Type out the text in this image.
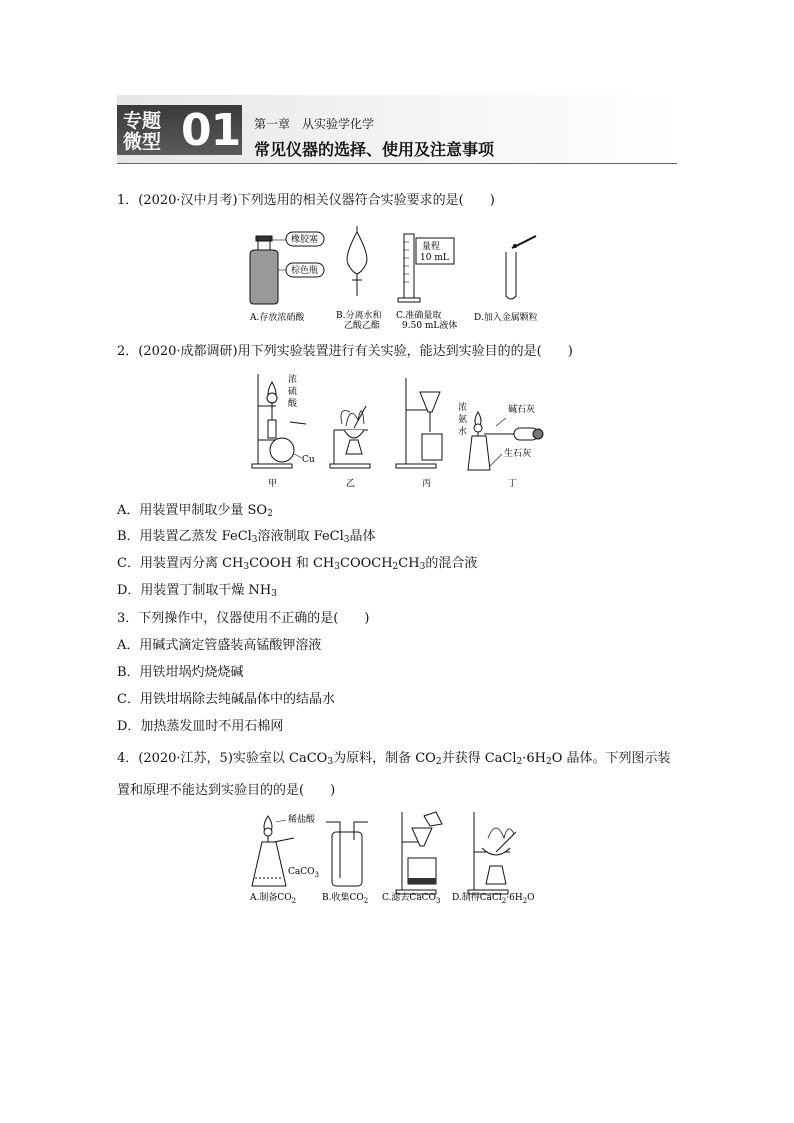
专题
微型 01 第一章　从实验学化学
常见仪器的选择、使用及注意事项
1．(2020·汉中月考)下列选用的相关仪器符合实验要求的是(　　)
橡胶塞
棕色瓶
量程
10 mL
A.存放浓硝酸	B.分离水和
乙酸乙酯
C.准确量取
9.50 mL液体
D.加入金属颗粒
2．(2020·成都调研)用下列实验装置进行有关实验，能达到实验目的的是(　　)
浓
硫
酸
Cu
浓
氨
水
碱石灰
生石灰
甲	乙	丙	丁
A．用装置甲制取少量 $SO_2$
B．用装置乙蒸发 FeCl$_3$溶液制取 FeCl$_3$晶体
C．用装置丙分离 $CH_3COOH$ 和 $CH_3COOCH_2CH_3$的混合液
D．用装置丁制取干燥 $NH_3$
3．下列操作中，仪器使用不正确的是(　　)
A．用碱式滴定管盛装高锰酸钾溶液
B．用铁坩埚灼烧烧碱
C．用铁坩埚除去纯碱晶体中的结晶水
D．加热蒸发皿时不用石棉网
4．(2020·江苏，5)实验室以 CaCO$_3$为原料，制备 $CO_2$并获得 $CaCl_2\cdot 6H_2O$ 晶体。下列图示装
置和原理不能达到实验目的的是(　　)
稀盐酸
CaCO$_3$
A.制备$CO_2$	B.收集$CO_2$ C.滤去CaCO$_3$ D.制得$CaCl_2\cdot 6H_2O$
